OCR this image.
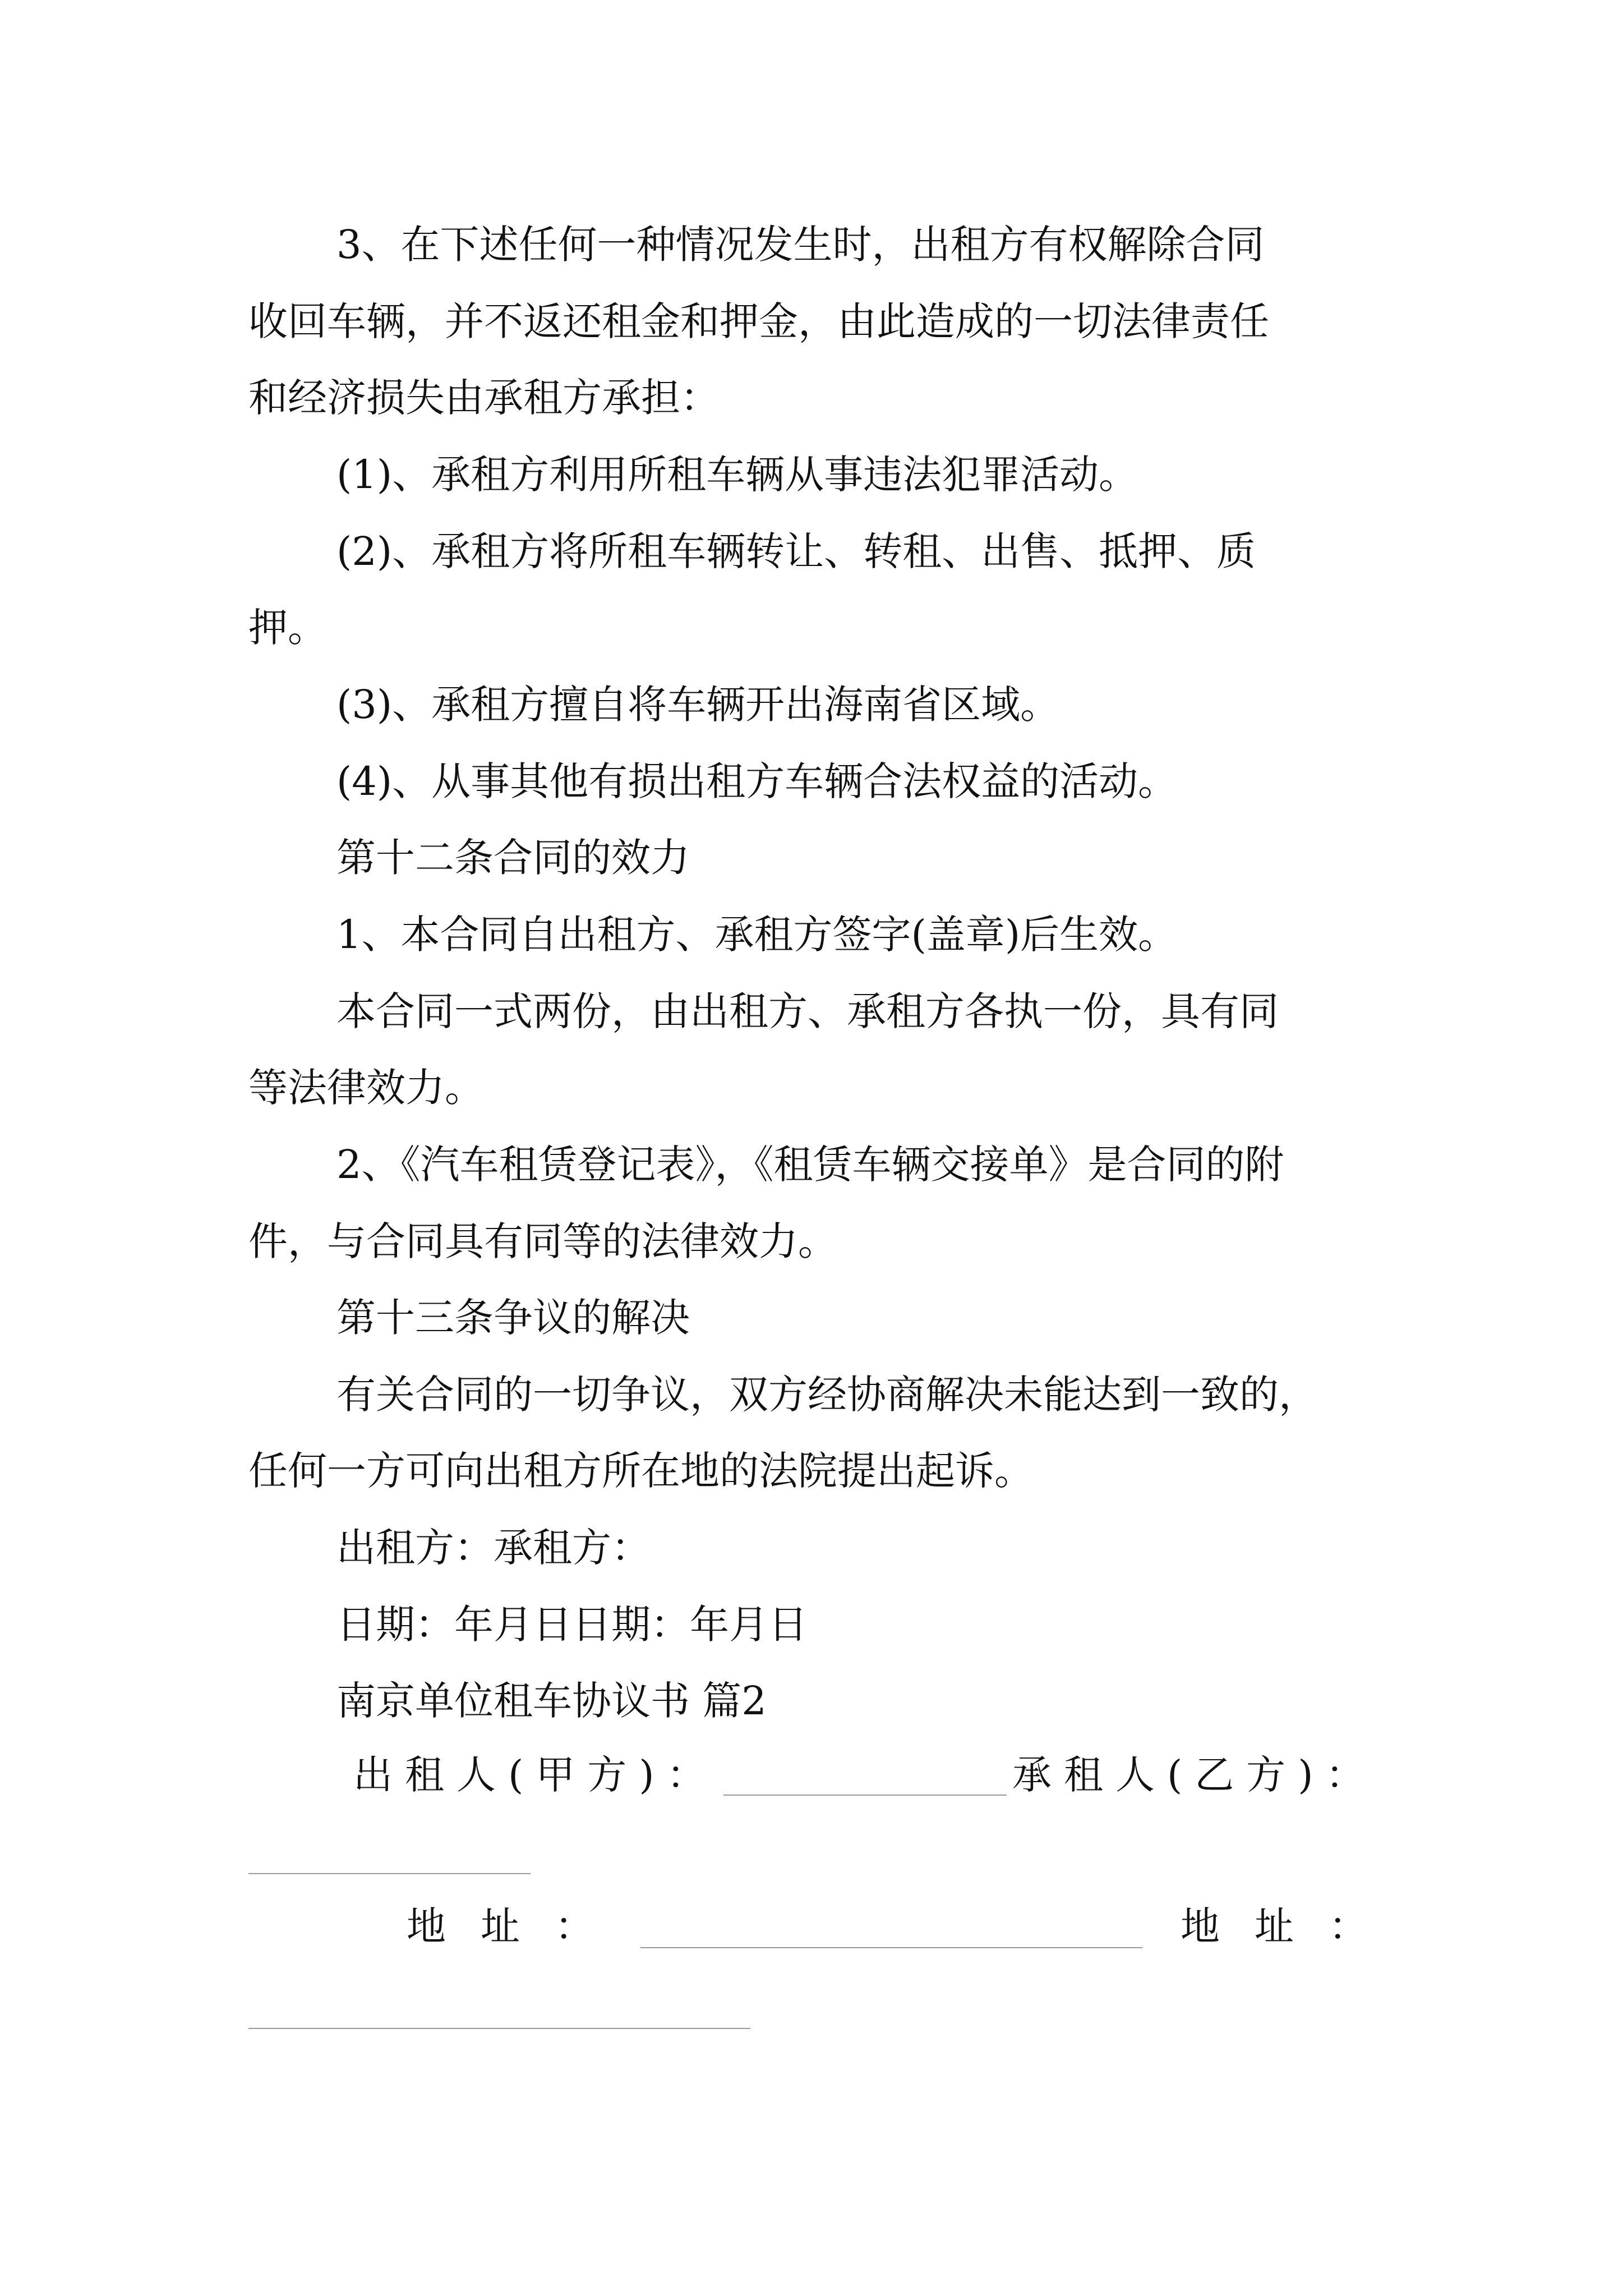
3、在下述任何一种情况发生时，出租方有权解除合同

收回车辆，并不返还租金和押金，由此造成的一切法律责任

和经济损失由承租方承担：

(1)、承租方利用所租车辆从事违法犯罪活动。

(2)、承租方将所租车辆转让、转租、出售、抵押、质

押。

(3)、承租方擅自将车辆开出海南省区域。

(4)、从事其他有损出租方车辆合法权益的活动。

第十二条合同的效力

1、本合同自出租方、承租方签字(盖章)后生效。

本合同一式两份，由出租方、承租方各执一份，具有同

等法律效力。

2、《汽车租赁登记表》，《租赁车辆交接单》是合同的附

件，与合同具有同等的法律效力。

第十三条争议的解决

有关合同的一切争议，双方经协商解决未能达到一致的，

任何一方可向出租方所在地的法院提出起诉。

出租方：承租方：

日期：年月日日期：年月日

南京单位租车协议书 篇2

出租人(甲方)：	承租人(乙方)：
地址：	地址：
